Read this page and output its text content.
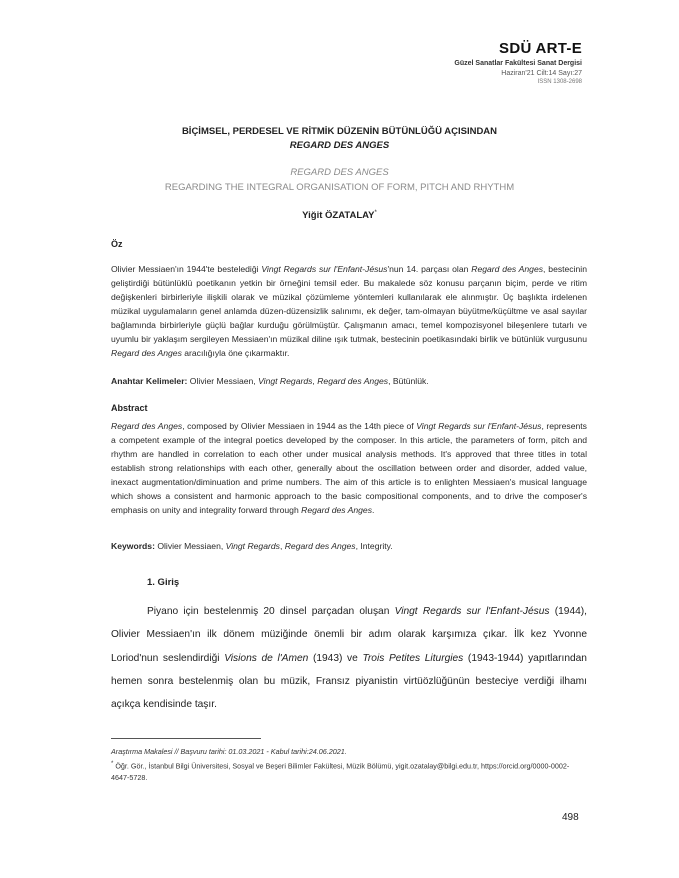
SDÜ ART-E
Güzel Sanatlar Fakültesi Sanat Dergisi
Haziran'21 Cilt:14 Sayı:27
ISSN 1308-2698
BİÇİMSEL, PERDESEL VE RİTMİK DÜZENİN BÜTÜNLÜĞÜ AÇISINDAN
REGARD DES ANGES
REGARD DES ANGES
REGARDING THE INTEGRAL ORGANISATION OF FORM, PITCH AND RHYTHM
Yiğit ÖZATALAY*
Öz
Olivier Messiaen'ın 1944'te bestelediği Vingt Regards sur l'Enfant-Jésus'nun 14. parçası olan Regard des Anges, bestecinin geliştirdiği bütünlüklü poetikanın yetkin bir örneğini temsil eder. Bu makalede söz konusu parçanın biçim, perde ve ritim değişkenleri birbirleriyle ilişkili olarak ve müzikal çözümleme yöntemleri kullanılarak ele alınmıştır. Üç başlıkta irdelenen müzikal uygulamaların genel anlamda düzen-düzensizlik salınımı, ek değer, tam-olmayan büyütme/küçültme ve asal sayılar bağlamında birbirleriyle güçlü bağlar kurduğu görülmüştür. Çalışmanın amacı, temel kompozisyonel bileşenlere tutarlı ve uyumlu bir yaklaşım sergileyen Messiaen'ın müzikal diline ışık tutmak, bestecinin poetikasındaki birlik ve bütünlük vurgusunu Regard des Anges aracılığıyla öne çıkarmaktır.
Anahtar Kelimeler: Olivier Messiaen, Vingt Regards, Regard des Anges, Bütünlük.
Abstract
Regard des Anges, composed by Olivier Messiaen in 1944 as the 14th piece of Vingt Regards sur l'Enfant-Jésus, represents a competent example of the integral poetics developed by the composer. In this article, the parameters of form, pitch and rhythm are handled in correlation to each other under musical analysis methods. It's approved that three titles in total establish strong relationships with each other, generally about the oscillation between order and disorder, added value, inexact augmentation/diminuation and prime numbers. The aim of this article is to enlighten Messiaen's musical language which shows a consistent and harmonic approach to the basic compositional components, and to drive the composer's emphasis on unity and integrality forward through Regard des Anges.
Keywords: Olivier Messiaen, Vingt Regards, Regard des Anges, Integrity.
1. Giriş
Piyano için bestelenmiş 20 dinsel parçadan oluşan Vingt Regards sur l'Enfant-Jésus (1944), Olivier Messiaen'ın ilk dönem müziğinde önemli bir adım olarak karşımıza çıkar. İlk kez Yvonne Loriod'nun seslendirdiği Visions de l'Amen (1943) ve Trois Petites Liturgies (1943-1944) yapıtlarından hemen sonra bestelenmiş olan bu müzik, Fransız piyanistin virtüözlüğünün besteciye verdiği ilhamı açıkça kendisinde taşır.
Araştırma Makalesi // Başvuru tarihi: 01.03.2021 - Kabul tarihi:24.06.2021.
* Öğr. Gör., İstanbul Bilgi Üniversitesi, Sosyal ve Beşeri Bilimler Fakültesi, Müzik Bölümü, yigit.ozatalay@bilgi.edu.tr, https://orcid.org/0000-0002-4647-5728.
498
